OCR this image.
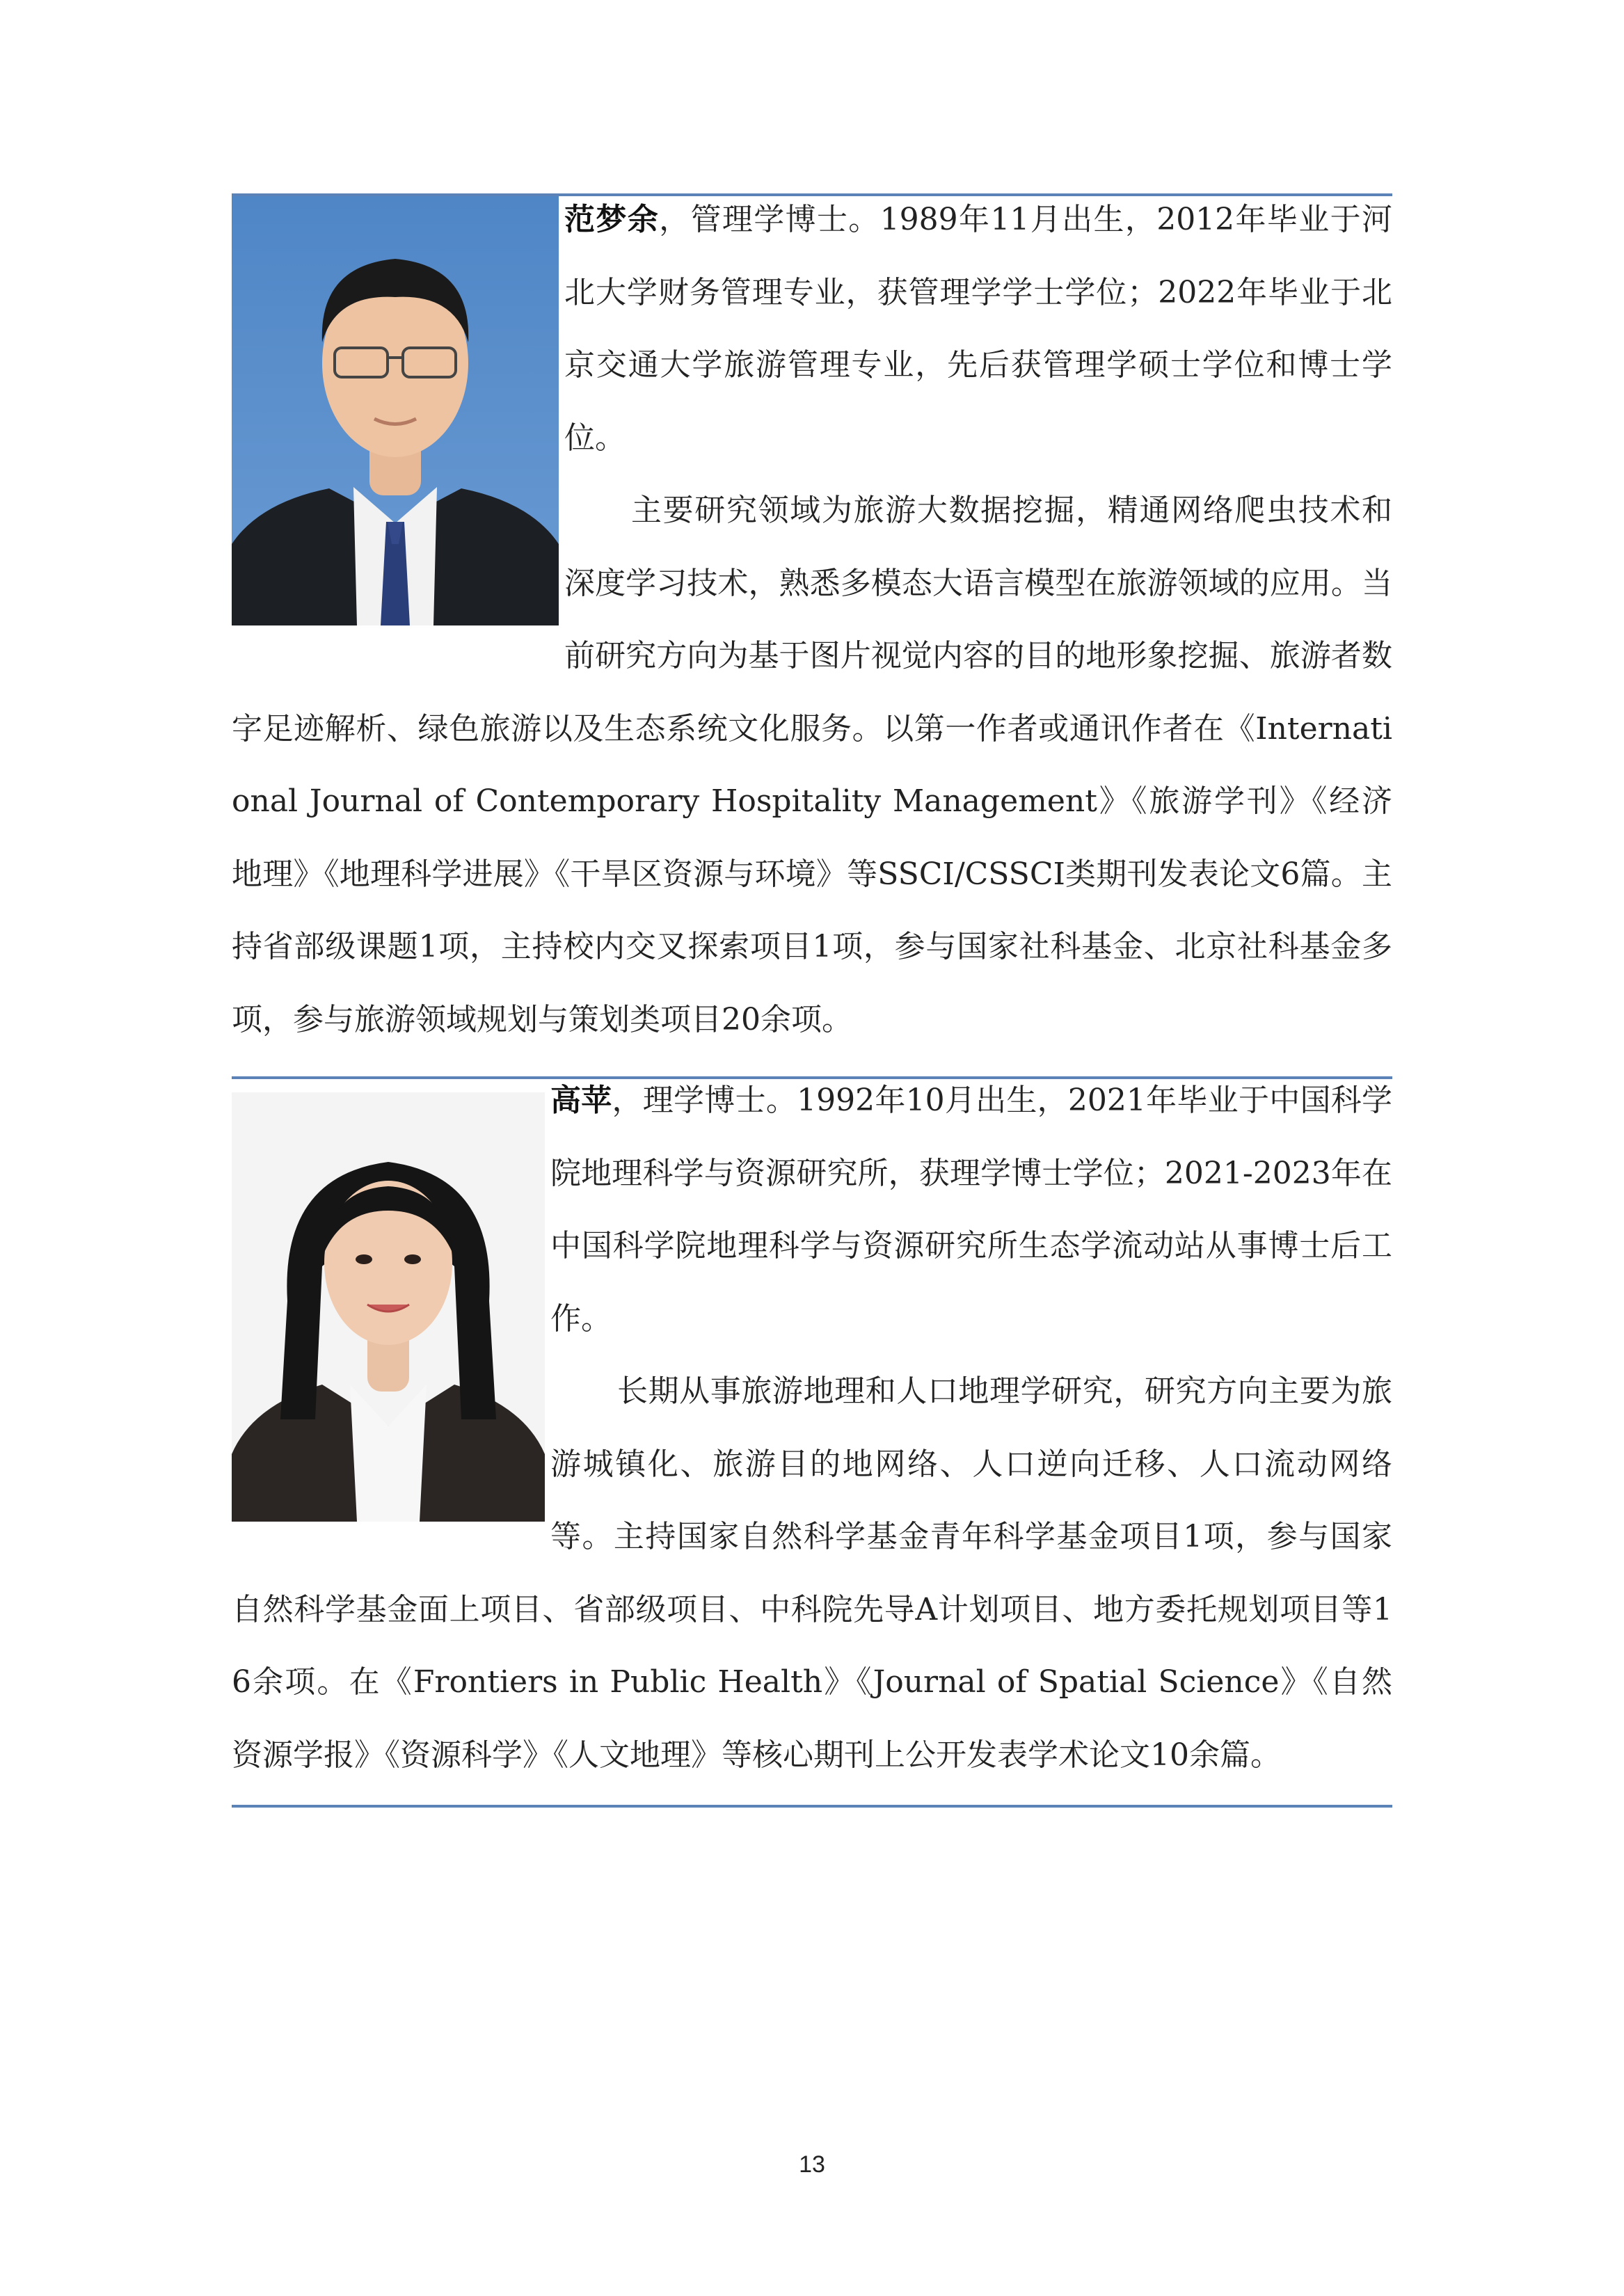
范梦余，管理学博士。1989年11月出生，2012年毕业于河北大学财务管理专业，获管理学学士学位；2022年毕业于北京交通大学旅游管理专业，先后获管理学硕士学位和博士学位。

主要研究领域为旅游大数据挖掘，精通网络爬虫技术和深度学习技术，熟悉多模态大语言模型在旅游领域的应用。当前研究方向为基于图片视觉内容的目的地形象挖掘、旅游者数字足迹解析、绿色旅游以及生态系统文化服务。以第一作者或通讯作者在《International Journal of Contemporary Hospitality Management》《旅游学刊》《经济地理》《地理科学进展》《干旱区资源与环境》等SSCI/CSSCI类期刊发表论文6篇。主持省部级课题1项，主持校内交叉探索项目1项，参与国家社科基金、北京社科基金多项，参与旅游领域规划与策划类项目20余项。

高苹，理学博士。1992年10月出生，2021年毕业于中国科学院地理科学与资源研究所，获理学博士学位；2021-2023年在中国科学院地理科学与资源研究所生态学流动站从事博士后工作。

长期从事旅游地理和人口地理学研究，研究方向主要为旅游城镇化、旅游目的地网络、人口逆向迁移、人口流动网络等。主持国家自然科学基金青年科学基金项目1项，参与国家自然科学基金面上项目、省部级项目、中科院先导A计划项目、地方委托规划项目等16余项。在《Frontiers in Public Health》《Journal of Spatial Science》《自然资源学报》《资源科学》《人文地理》等核心期刊上公开发表学术论文10余篇。

13
